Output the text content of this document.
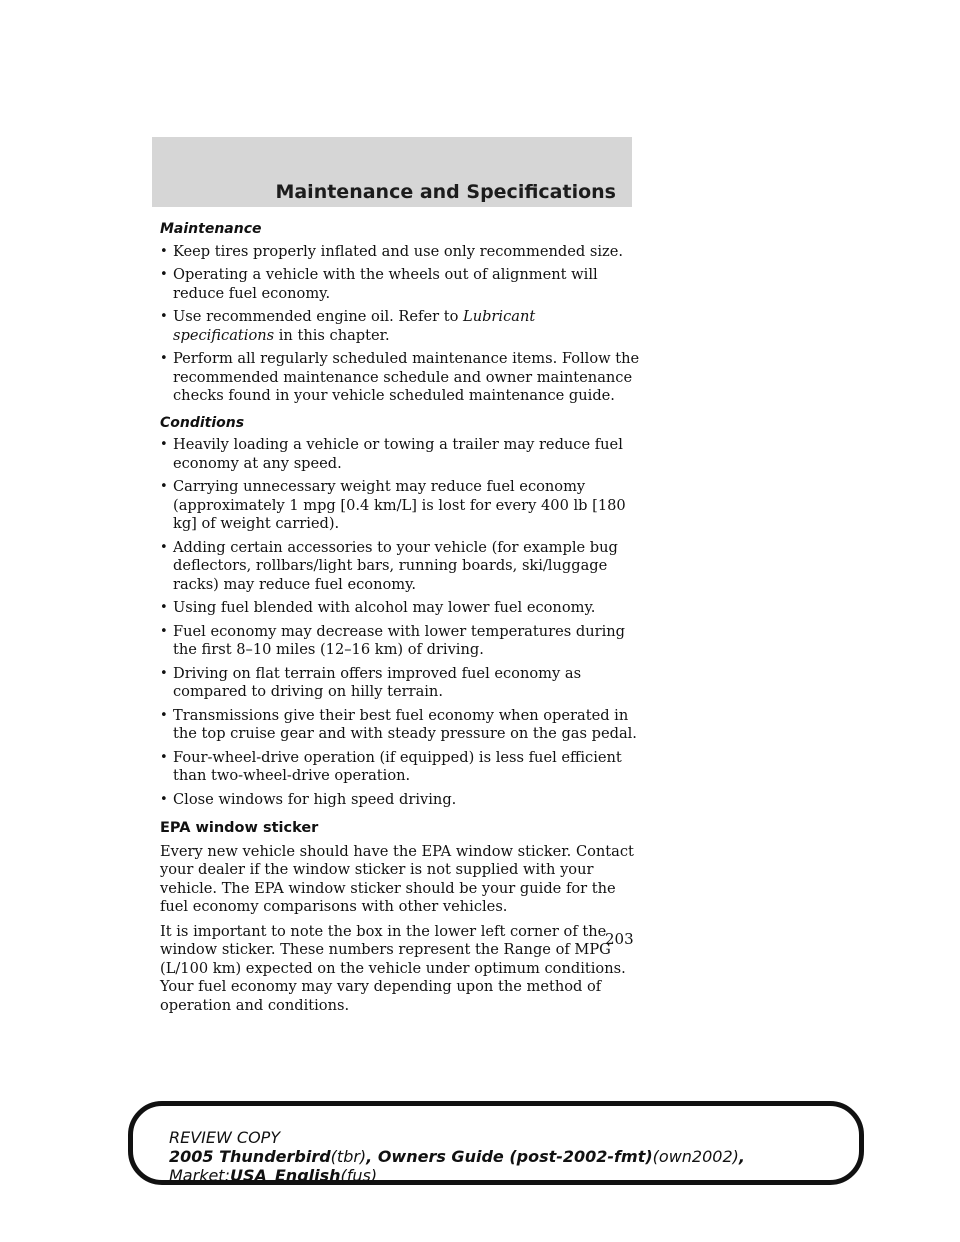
Maintenance and Specifications
Maintenance
• Keep tires properly inflated and use only recommended size.
• Operating a vehicle with the wheels out of alignment will reduce fuel economy.
• Use recommended engine oil. Refer to Lubricant specifications in this chapter.
• Perform all regularly scheduled maintenance items. Follow the recommended maintenance schedule and owner maintenance checks found in your vehicle scheduled maintenance guide.
Conditions
• Heavily loading a vehicle or towing a trailer may reduce fuel economy at any speed.
• Carrying unnecessary weight may reduce fuel economy (approximately 1 mpg [0.4 km/L] is lost for every 400 lb [180 kg] of weight carried).
• Adding certain accessories to your vehicle (for example bug deflectors, rollbars/light bars, running boards, ski/luggage racks) may reduce fuel economy.
• Using fuel blended with alcohol may lower fuel economy.
• Fuel economy may decrease with lower temperatures during the first 8–10 miles (12–16 km) of driving.
• Driving on flat terrain offers improved fuel economy as compared to driving on hilly terrain.
• Transmissions give their best fuel economy when operated in the top cruise gear and with steady pressure on the gas pedal.
• Four-wheel-drive operation (if equipped) is less fuel efficient than two-wheel-drive operation.
• Close windows for high speed driving.
EPA window sticker

Every new vehicle should have the EPA window sticker. Contact your dealer if the window sticker is not supplied with your vehicle. The EPA window sticker should be your guide for the fuel economy comparisons with other vehicles.

It is important to note the box in the lower left corner of the window sticker. These numbers represent the Range of MPG (L/100 km) expected on the vehicle under optimum conditions. Your fuel economy may vary depending upon the method of operation and conditions.

203
REVIEW COPY
2005 Thunderbird(tbr), Owners Guide (post-2002-fmt)(own2002),
Market:USA_English(fus)
